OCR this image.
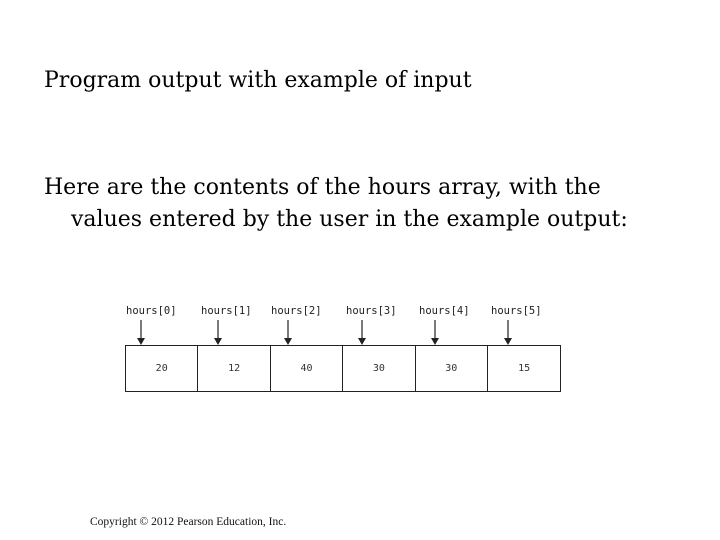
Program output with example of input
Here are the contents of the hours array, with the
values entered by the user in the example output:
hours[0] hours[1] hours[2] hours[3] hours[4] hours[5]
20	12	40	30	30	15
Copyright © 2012 Pearson Education, Inc.
